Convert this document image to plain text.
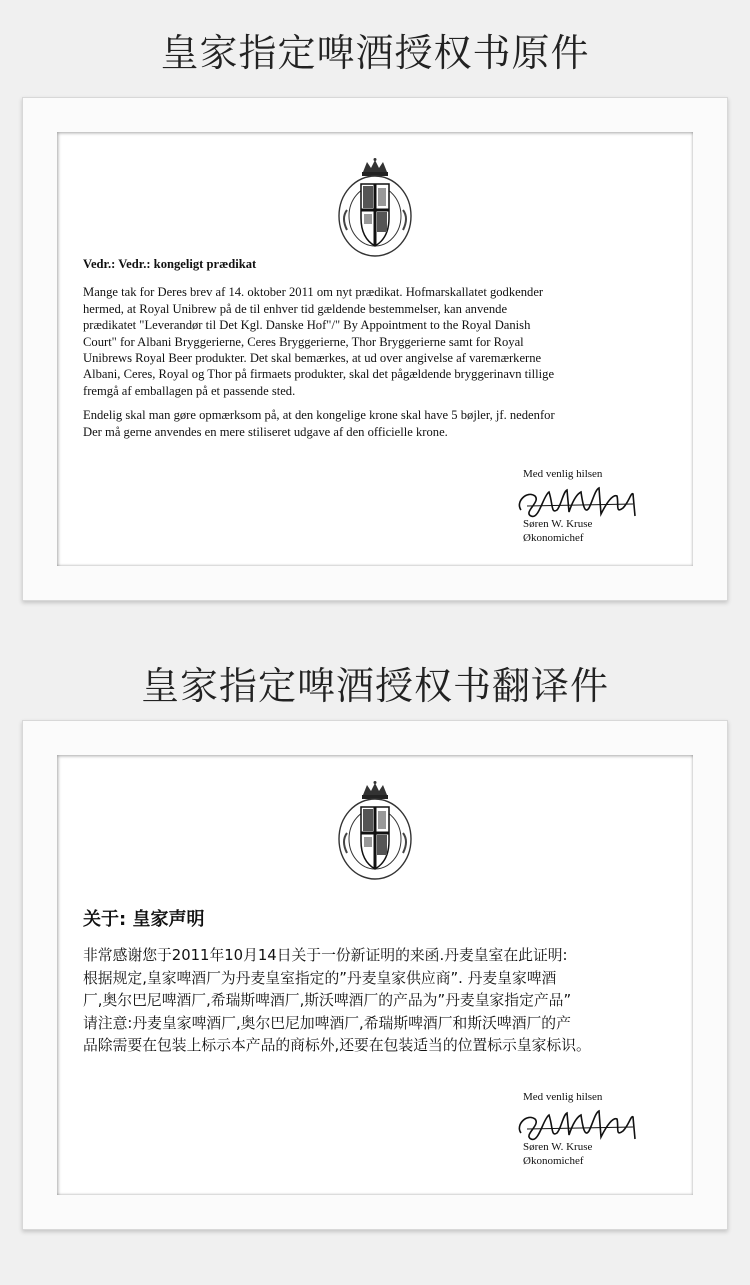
皇家指定啤酒授权书原件

Vedr.: Vedr.: kongeligt prædikat

Mange tak for Deres brev af 14. oktober 2011 om nyt prædikat. Hofmarskallatet godkender
hermed, at Royal Unibrew på de til enhver tid gældende bestemmelser, kan anvende
prædikatet "Leverandør til Det Kgl. Danske Hof"/" By Appointment to the Royal Danish
Court" for Albani Bryggerierne, Ceres Bryggerierne, Thor Bryggerierne samt for Royal
Unibrews Royal Beer produkter. Det skal bemærkes, at ud over angivelse af varemærkerne
Albani, Ceres, Royal og Thor på firmaets produkter, skal det pågældende bryggerinavn tillige
fremgå af emballagen på et passende sted.

Endelig skal man gøre opmærksom på, at den kongelige krone skal have 5 bøjler, jf. nedenfor
Der må gerne anvendes en mere stiliseret udgave af den officielle krone.

Med venlig hilsen
Søren W. Kruse
Økonomichef
皇家指定啤酒授权书翻译件

关于: 皇家声明

非常感谢您于2011年10月14日关于一份新证明的来函.丹麦皇室在此证明:
根据规定,皇家啤酒厂为丹麦皇室指定的”丹麦皇家供应商”. 丹麦皇家啤酒
厂,奥尔巴尼啤酒厂,希瑞斯啤酒厂,斯沃啤酒厂的产品为”丹麦皇家指定产品”
请注意:丹麦皇家啤酒厂,奥尔巴尼加啤酒厂,希瑞斯啤酒厂和斯沃啤酒厂的产
品除需要在包装上标示本产品的商标外,还要在包装适当的位置标示皇家标识。

Med venlig hilsen
Søren W. Kruse
Økonomichef
